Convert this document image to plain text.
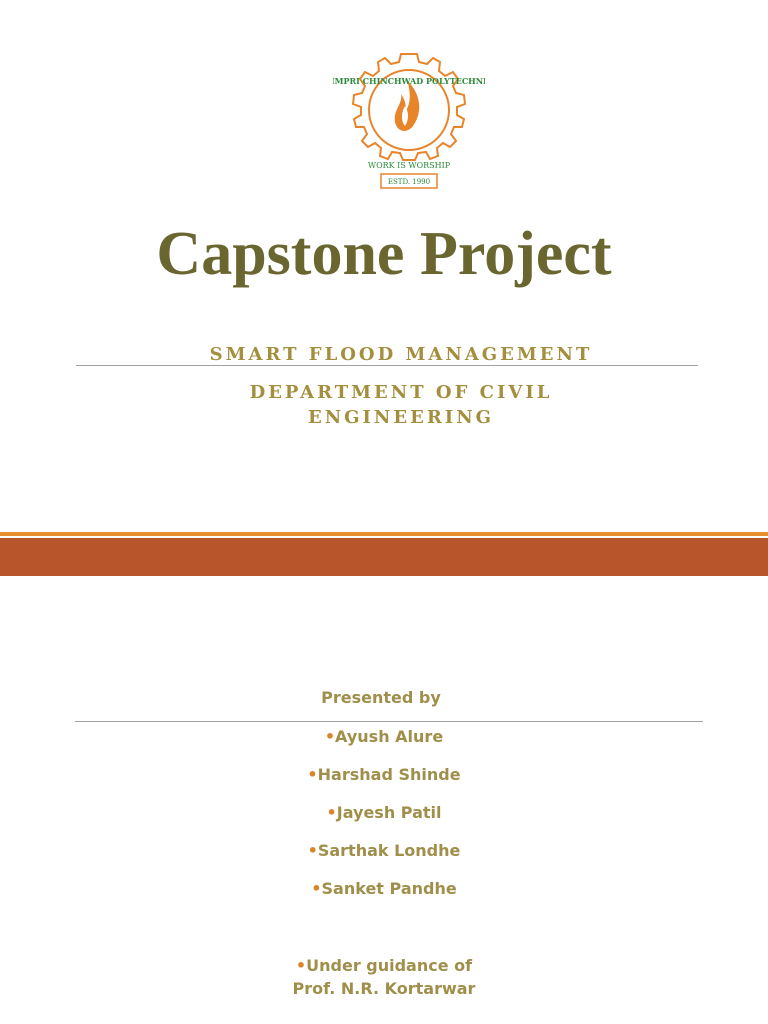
PIMPRI CHINCHWAD POLYTECHNIC
WORK IS WORSHIP
ESTD. 1990
Capstone Project
SMART FLOOD MANAGEMENT
DEPARTMENT OF CIVIL
ENGINEERING
Presented by
•Ayush Alure
•Harshad Shinde
•Jayesh Patil
•Sarthak Londhe
•Sanket Pandhe
•Under guidance of
Prof. N.R. Kortarwar
